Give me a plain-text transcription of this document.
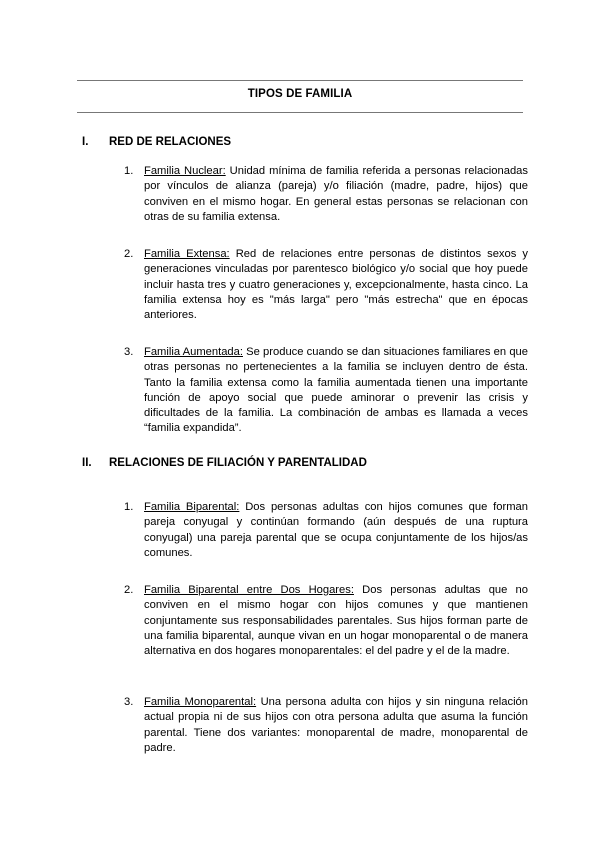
TIPOS DE FAMILIA
I. RED DE RELACIONES
1. Familia Nuclear: Unidad mínima de familia referida a personas relacionadas por vínculos de alianza (pareja) y/o filiación (madre, padre, hijos) que conviven en el mismo hogar. En general estas personas se relacionan con otras de su familia extensa.
2. Familia Extensa: Red de relaciones entre personas de distintos sexos y generaciones vinculadas por parentesco biológico y/o social que hoy puede incluir hasta tres y cuatro generaciones y, excepcionalmente, hasta cinco. La familia extensa hoy es "más larga" pero "más estrecha" que en épocas anteriores.
3. Familia Aumentada: Se produce cuando se dan situaciones familiares en que otras personas no pertenecientes a la familia se incluyen dentro de ésta. Tanto la familia extensa como la familia aumentada tienen una importante función de apoyo social que puede aminorar o prevenir las crisis y dificultades de la familia. La combinación de ambas es llamada a veces “familia expandida”.
II. RELACIONES DE FILIACIÓN Y PARENTALIDAD
1. Familia Biparental: Dos personas adultas con hijos comunes que forman pareja conyugal y continúan formando (aún después de una ruptura conyugal) una pareja parental que se ocupa conjuntamente de los hijos/as comunes.
2. Familia Biparental entre Dos Hogares: Dos personas adultas que no conviven en el mismo hogar con hijos comunes y que mantienen conjuntamente sus responsabilidades parentales. Sus hijos forman parte de una familia biparental, aunque vivan en un hogar monoparental o de manera alternativa en dos hogares monoparentales: el del padre y el de la madre.
3. Familia Monoparental: Una persona adulta con hijos y sin ninguna relación actual propia ni de sus hijos con otra persona adulta que asuma la función parental. Tiene dos variantes: monoparental de madre, monoparental de padre.
